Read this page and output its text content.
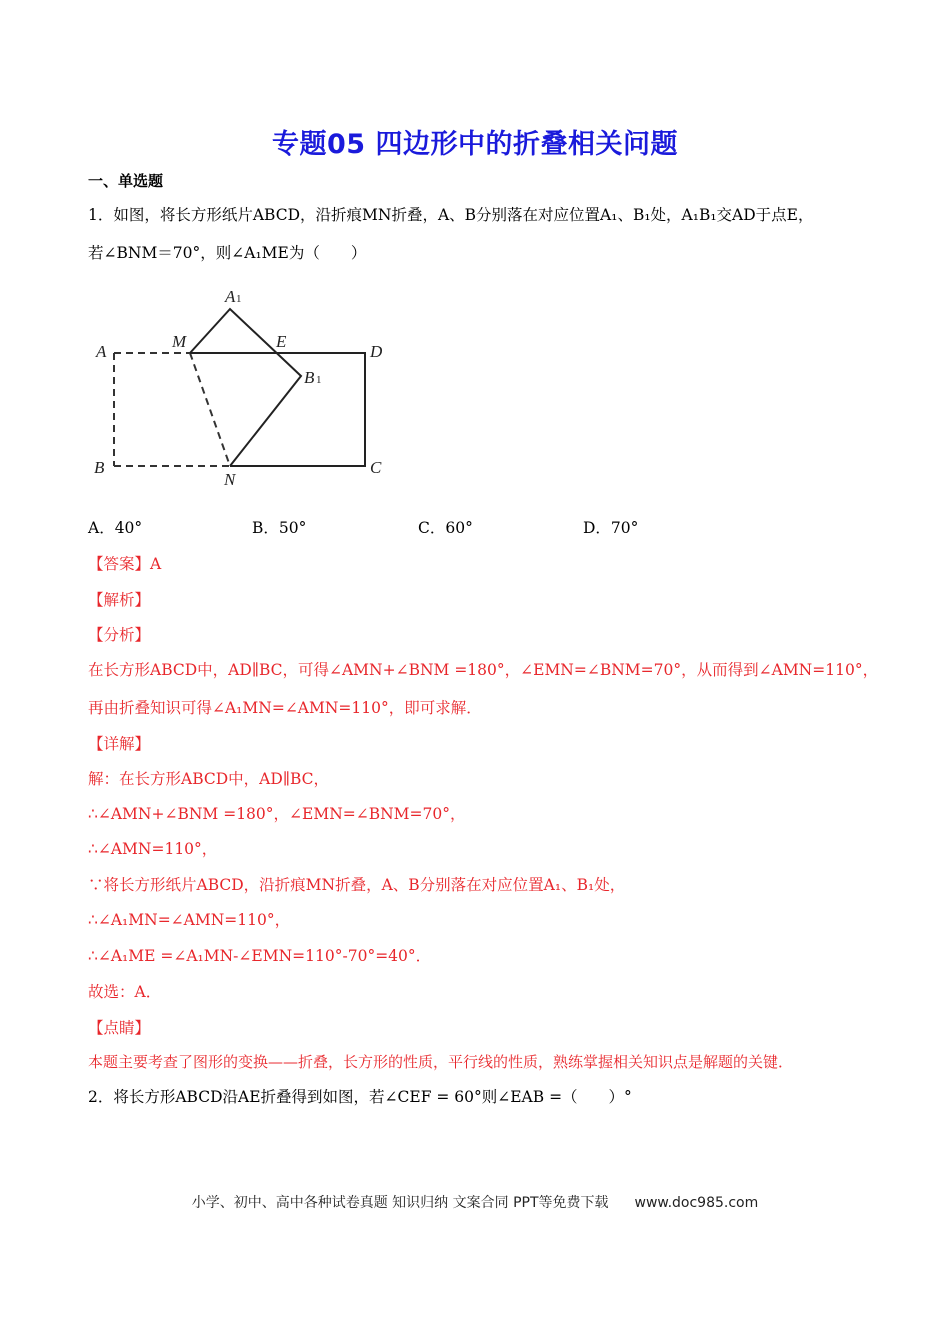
专题05 四边形中的折叠相关问题
一、单选题
1．如图，将长方形纸片ABCD，沿折痕MN折叠，A、B分别落在对应位置A₁、B₁处，A₁B₁交AD于点E，
若∠BNM＝70°，则∠A₁ME为（　　）
A 1
A
M	E
D
B 1
B
N
C
A．40°	B．50°	C．60°	D．70°
【答案】A
【解析】
【分析】
在长方形ABCD中，AD∥BC，可得∠AMN+∠BNM =180°，∠EMN=∠BNM=70°，从而得到∠AMN=110°，
再由折叠知识可得∠A₁MN=∠AMN=110°，即可求解．
【详解】
解：在长方形ABCD中，AD∥BC，
∴∠AMN+∠BNM =180°，∠EMN=∠BNM=70°，
∴∠AMN=110°，
∵将长方形纸片ABCD，沿折痕MN折叠，A、B分别落在对应位置A₁、B₁处，
∴∠A₁MN=∠AMN=110°，
∴∠A₁ME =∠A₁MN-∠EMN=110°-70°=40°．
故选：A．
【点睛】
本题主要考查了图形的变换——折叠，长方形的性质，平行线的性质，熟练掌握相关知识点是解题的关键．
2．将长方形ABCD沿AE折叠得到如图，若∠CEF = 60°则∠EAB =（　　）°
小学、初中、高中各种试卷真题 知识归纳 文案合同 PPT等免费下载 www.doc985.com
